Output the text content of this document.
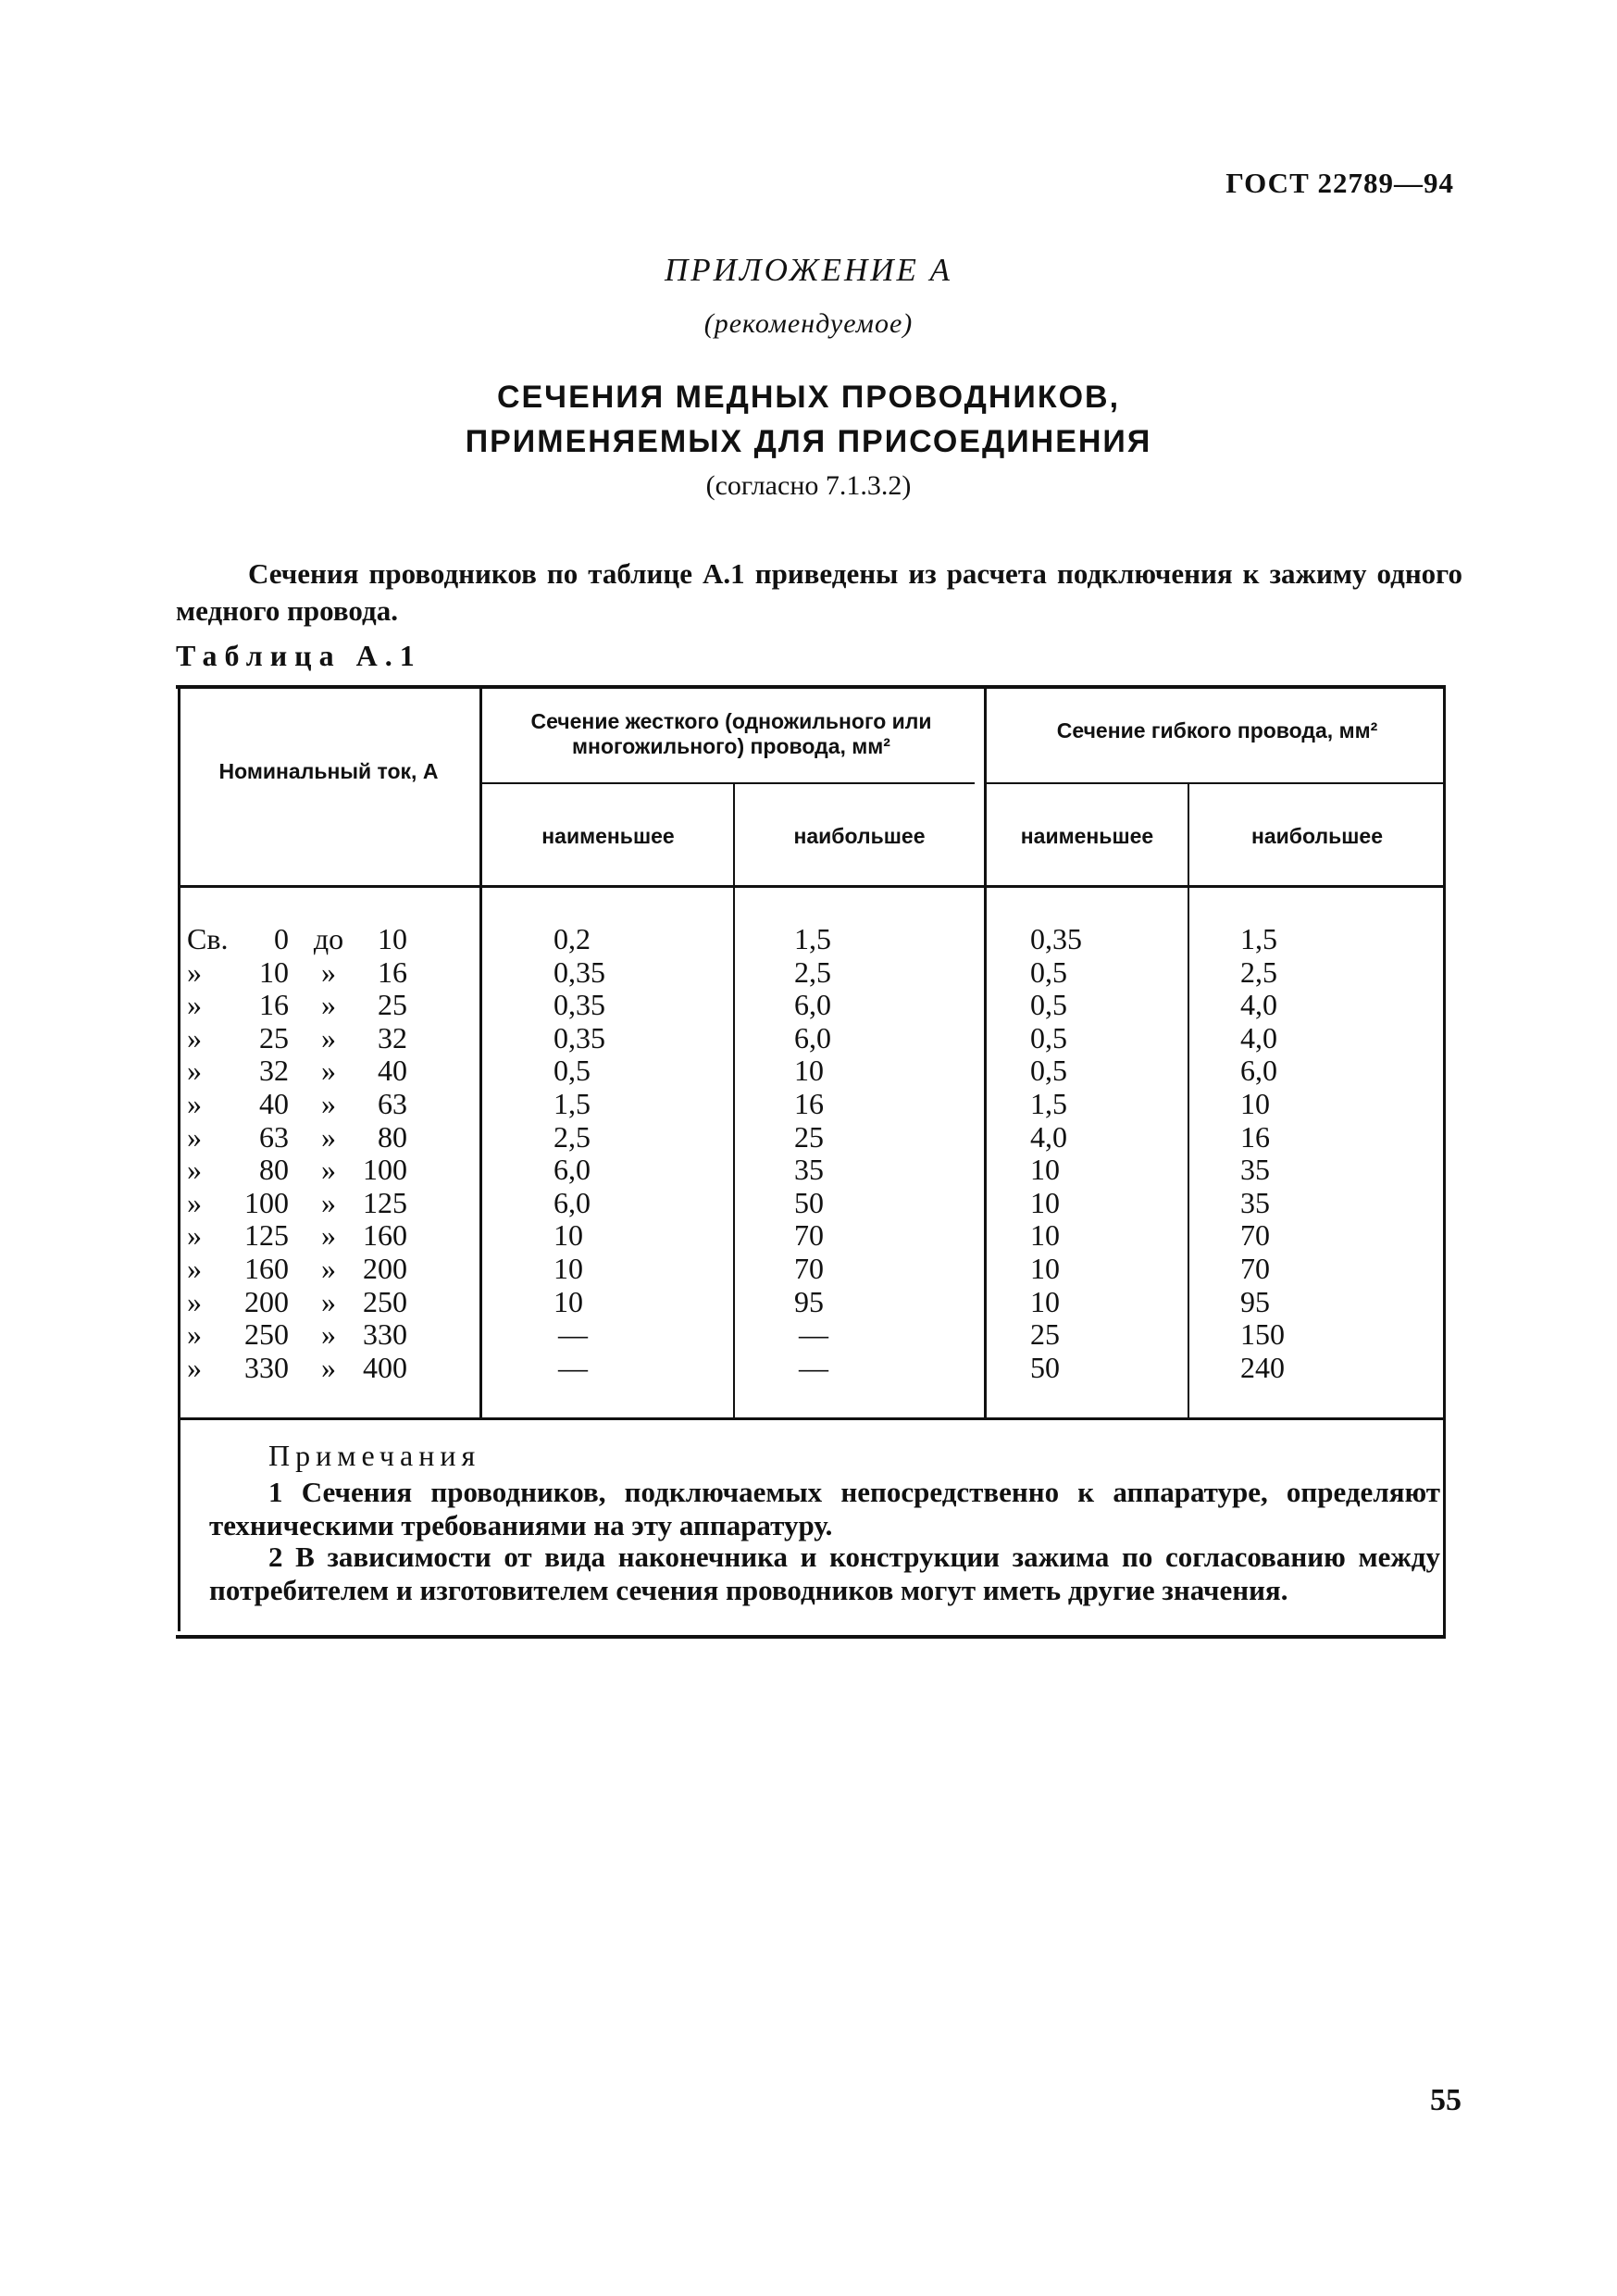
ГОСТ 22789—94
ПРИЛОЖЕНИЕ А
(рекомендуемое)
СЕЧЕНИЯ МЕДНЫХ ПРОВОДНИКОВ,
ПРИМЕНЯЕМЫХ ДЛЯ ПРИСОЕДИНЕНИЯ
(согласно 7.1.3.2)
Сечения проводников по таблице А.1 приведены из расчета подключения к зажиму одного медного провода.
Таблица А.1
Номинальный ток, А
Сечение жесткого (одножильного или многожильного) провода, мм²
Сечение гибкого провода, мм²
наименьшее	наибольшее	наименьшее	наибольшее
Св.	0 до	10	0,2	1,5	0,35	1,5
»	10	»	16	0,35	2,5	0,5	2,5
»	16	»	25	0,35	6,0	0,5	4,0
»	25	»	32	0,35	6,0	0,5	4,0
»	32	»	40	0,5	10	0,5	6,0
»	40	»	63	1,5	16	1,5	10
»	63	»	80	2,5	25	4,0	16
»	80	» 100	6,0	35	10	35
»	100	» 125	6,0	50	10	35
»	125	» 160	10	70	10	70
»	160	» 200	10	70	10	70
»	200	» 250	10	95	10	95
»	250	» 330	—	—	25	150
»	330	» 400	—	—	50	240
Примечания
1 Сечения проводников, подключаемых непосредственно к аппаратуре, определяют техническими требованиями на эту аппаратуру.
2 В зависимости от вида наконечника и конструкции зажима по согласованию между потребителем и изготовителем сечения проводников могут иметь другие значения.
55
